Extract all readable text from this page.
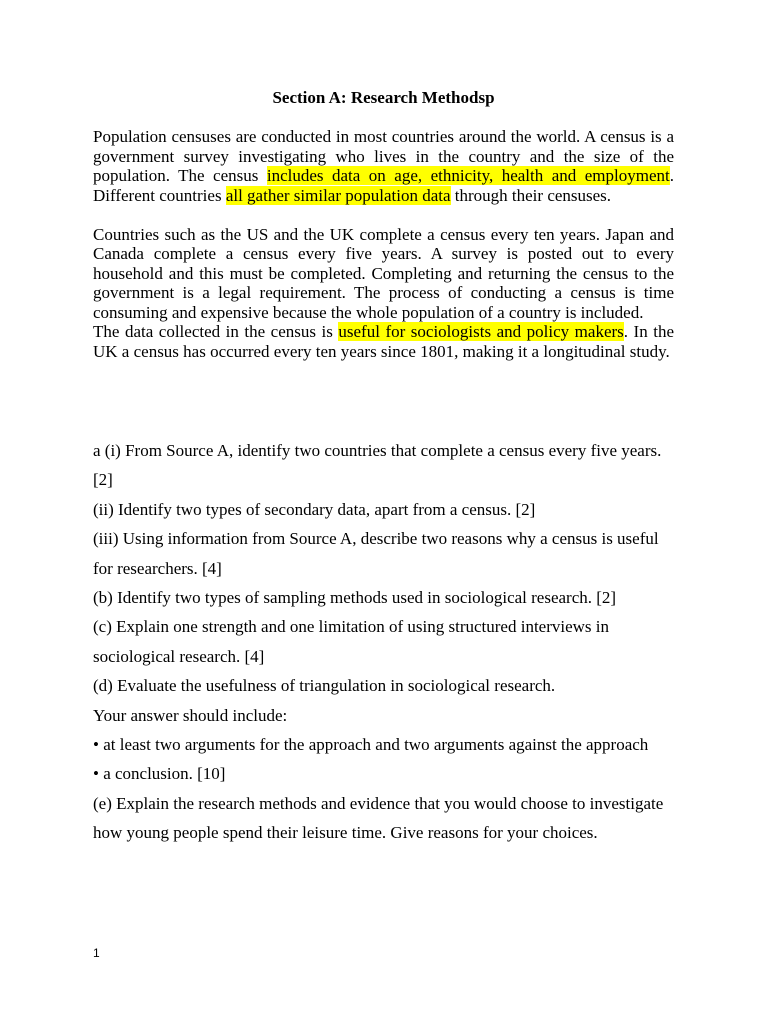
Section A: Research Methodsp

Population censuses are conducted in most countries around the world. A census is a government survey investigating who lives in the country and the size of the population. The census includes data on age, ethnicity, health and employment. Different countries all gather similar population data through their censuses.

Countries such as the US and the UK complete a census every ten years. Japan and Canada complete a census every five years. A survey is posted out to every household and this must be completed. Completing and returning the census to the government is a legal requirement. The process of conducting a census is time consuming and expensive because the whole population of a country is included.

The data collected in the census is useful for sociologists and policy makers. In the UK a census has occurred every ten years since 1801, making it a longitudinal study.

a (i) From Source A, identify two countries that complete a census every five years. [2]

(ii) Identify two types of secondary data, apart from a census. [2]

(iii) Using information from Source A, describe two reasons why a census is useful for researchers. [4]

(b) Identify two types of sampling methods used in sociological research. [2]

(c) Explain one strength and one limitation of using structured interviews in sociological research. [4]

(d) Evaluate the usefulness of triangulation in sociological research.

Your answer should include:

• at least two arguments for the approach and two arguments against the approach

• a conclusion. [10]

(e) Explain the research methods and evidence that you would choose to investigate how young people spend their leisure time. Give reasons for your choices.

1
